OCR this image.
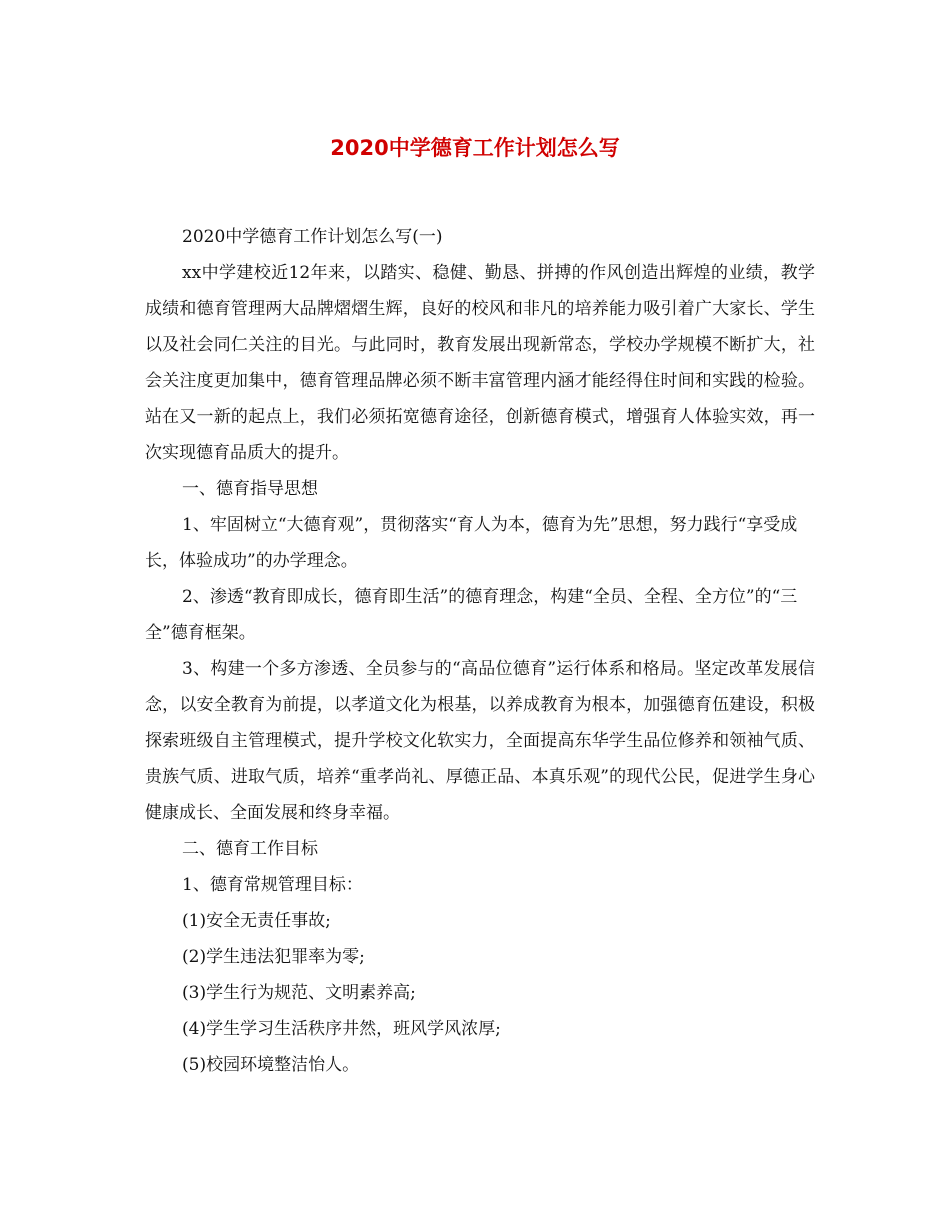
2020中学德育工作计划怎么写

2020中学德育工作计划怎么写(一)

xx中学建校近12年来，以踏实、稳健、勤恳、拼搏的作风创造出辉煌的业绩，教学成绩和德育管理两大品牌熠熠生辉，良好的校风和非凡的培养能力吸引着广大家长、学生以及社会同仁关注的目光。与此同时，教育发展出现新常态，学校办学规模不断扩大，社会关注度更加集中，德育管理品牌必须不断丰富管理内涵才能经得住时间和实践的检验。站在又一新的起点上，我们必须拓宽德育途径，创新德育模式，增强育人体验实效，再一次实现德育品质大的提升。

一、德育指导思想

1、牢固树立“大德育观”，贯彻落实“育人为本，德育为先”思想，努力践行“享受成长，体验成功”的办学理念。

2、渗透“教育即成长，德育即生活”的德育理念，构建“全员、全程、全方位”的“三全”德育框架。

3、构建一个多方渗透、全员参与的“高品位德育”运行体系和格局。坚定改革发展信念，以安全教育为前提，以孝道文化为根基，以养成教育为根本，加强德育伍建设，积极探索班级自主管理模式，提升学校文化软实力，全面提高东华学生品位修养和领袖气质、贵族气质、进取气质，培养“重孝尚礼、厚德正品、本真乐观”的现代公民，促进学生身心健康成长、全面发展和终身幸福。

二、德育工作目标

1、德育常规管理目标：

(1)安全无责任事故;

(2)学生违法犯罪率为零;

(3)学生行为规范、文明素养高;

(4)学生学习生活秩序井然，班风学风浓厚;

(5)校园环境整洁怡人。
